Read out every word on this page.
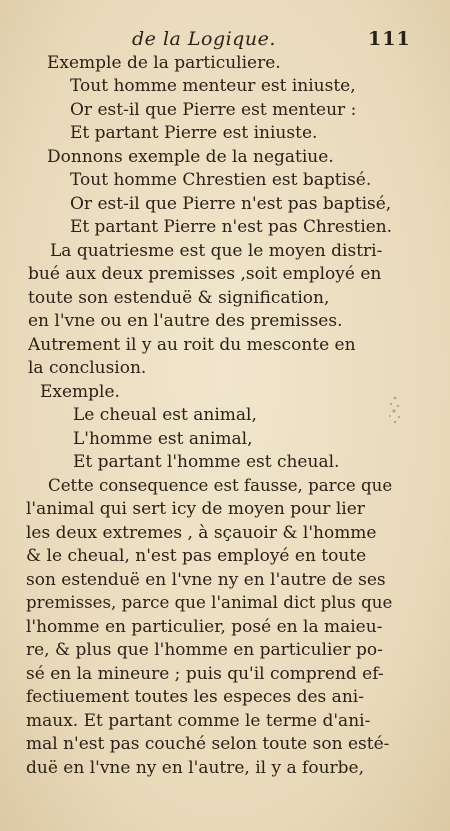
de la Logique.	111
Exemple de la particuliere.
Tout homme menteur est iniuste,
Or est-il que Pierre est menteur :
Et partant Pierre est iniuste.
Donnons exemple de la negatiue.
Tout homme Chrestien est baptisé.
Or est-il que Pierre n'est pas baptisé,
Et partant Pierre n'est pas Chrestien.
La quatriesme est que le moyen distri-
bué aux deux premisses ,soit employé en
toute son estenduë & signification,
en l'vne ou en l'autre des premisses.
Autrement il y au roit du mesconte en
la conclusion.
Exemple.
Le cheual est animal,
L'homme est animal,
Et partant l'homme est cheual.
Cette consequence est fausse, parce que
l'animal qui sert icy de moyen pour lier
les deux extremes , à sçauoir & l'homme
& le cheual, n'est pas employé en toute
son estenduë en l'vne ny en l'autre de ses
premisses, parce que l'animal dict plus que
l'homme en particulier, posé en la maieu-
re, & plus que l'homme en particulier po-
sé en la mineure ; puis qu'il comprend ef-
fectiuement toutes les especes des ani-
maux. Et partant comme le terme d'ani-
mal n'est pas couché selon toute son esté-
duë en l'vne ny en l'autre, il y a fourbe,
